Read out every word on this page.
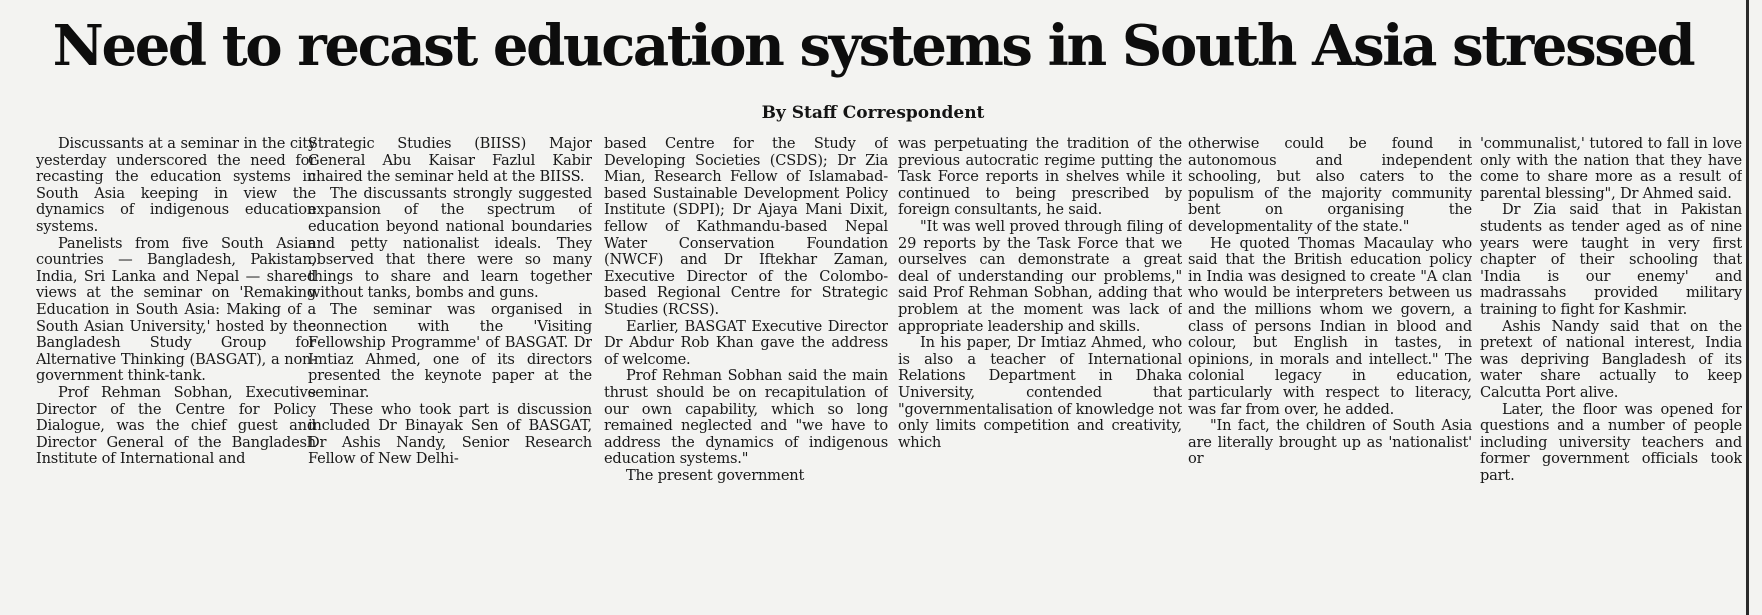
Need to recast education systems in South Asia stressed
By Staff Correspondent

Discussants at a seminar in the city yesterday underscored the need for recasting the education systems in South Asia keeping in view the dynamics of indigenous education systems.

Panelists from five South Asian countries — Bangladesh, Pakistan, India, Sri Lanka and Nepal — shared views at the seminar on 'Remaking Education in South Asia: Making of a South Asian University,' hosted by the Bangladesh Study Group for Alternative Thinking (BASGAT), a non-government think-tank.

Prof Rehman Sobhan, Executive Director of the Centre for Policy Dialogue, was the chief guest and Director General of the Bangladesh Institute of International and

Strategic Studies (BIISS) Major General Abu Kaisar Fazlul Kabir chaired the seminar held at the BIISS.

The discussants strongly suggested expansion of the spectrum of education beyond national boundaries and petty nationalist ideals. They observed that there were so many things to share and learn together without tanks, bombs and guns.

The seminar was organised in connection with the 'Visiting Fellowship Programme' of BASGAT. Dr Imtiaz Ahmed, one of its directors presented the keynote paper at the seminar.

These who took part is discussion included Dr Binayak Sen of BASGAT, Dr Ashis Nandy, Senior Research Fellow of New Delhi-

based Centre for the Study of Developing Societies (CSDS); Dr Zia Mian, Research Fellow of Islamabad-based Sustainable Development Policy Institute (SDPI); Dr Ajaya Mani Dixit, fellow of Kathmandu-based Nepal Water Conservation Foundation (NWCF) and Dr Iftekhar Zaman, Executive Director of the Colombo-based Regional Centre for Strategic Studies (RCSS).

Earlier, BASGAT Executive Director Dr Abdur Rob Khan gave the address of welcome.

Prof Rehman Sobhan said the main thrust should be on recapitulation of our own capability, which so long remained neglected and "we have to address the dynamics of indigenous education systems."

The present government

was perpetuating the tradition of the previous autocratic regime putting the Task Force reports in shelves while it continued to being prescribed by foreign consultants, he said.

"It was well proved through filing of 29 reports by the Task Force that we ourselves can demonstrate a great deal of understanding our problems," said Prof Rehman Sobhan, adding that problem at the moment was lack of appropriate leadership and skills.

In his paper, Dr Imtiaz Ahmed, who is also a teacher of International Relations Department in Dhaka University, contended that "governmentalisation of knowledge not only limits competition and creativity, which

otherwise could be found in autonomous and independent schooling, but also caters to the populism of the majority community bent on organising the developmentality of the state."

He quoted Thomas Macaulay who said that the British education policy in India was designed to create "A clan who would be interpreters between us and the millions whom we govern, a class of persons Indian in blood and colour, but English in tastes, in opinions, in morals and intellect." The colonial legacy in education, particularly with respect to literacy, was far from over, he added.

"In fact, the children of South Asia are literally brought up as 'nationalist' or

'communalist,' tutored to fall in love only with the nation that they have come to share more as a result of parental blessing", Dr Ahmed said.

Dr Zia said that in Pakistan students as tender aged as of nine years were taught in very first chapter of their schooling that 'India is our enemy' and madrassahs provided military training to fight for Kashmir.

Ashis Nandy said that on the pretext of national interest, India was depriving Bangladesh of its water share actually to keep Calcutta Port alive.

Later, the floor was opened for questions and a number of people including university teachers and former government officials took part.
